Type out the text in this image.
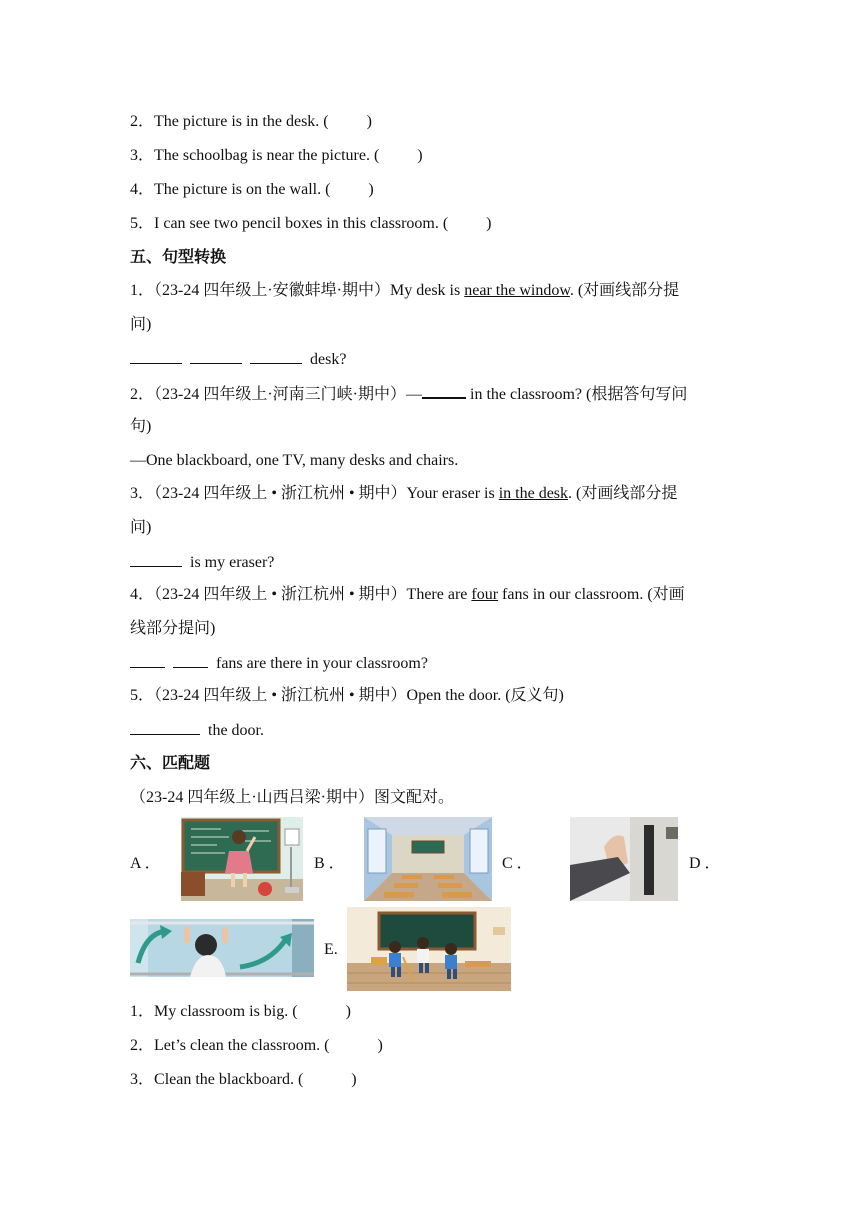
2．The picture is in the desk. ( )
3．The schoolbag is near the picture. ( )
4．The picture is on the wall. ( )
5．I can see two pencil boxes in this classroom. ( )
五、句型转换
1．（23-24 四年级上·安徽蚌埠·期中）My desk is near the window. (对画线部分提
问)
desk?
2．（23-24 四年级上·河南三门峡·期中）—	in the classroom? (根据答句写问
句)
—One blackboard, one TV, many desks and chairs.
3．（23-24 四年级上 • 浙江杭州 • 期中）Your eraser is in the desk. (对画线部分提
问)
is my eraser?
4．（23-24 四年级上 • 浙江杭州 • 期中）There are four fans in our classroom. (对画
线部分提问)
fans are there in your classroom?
5．（23-24 四年级上 • 浙江杭州 • 期中）Open the door. (反义句)
the door.
六、匹配题
（23-24 四年级上·山西吕梁·期中）图文配对。
A ．	B ．	C ．	D ．
E.
1．My classroom is big. (	)
2．Let’s clean the classroom. (	)
3．Clean the blackboard. (	)
